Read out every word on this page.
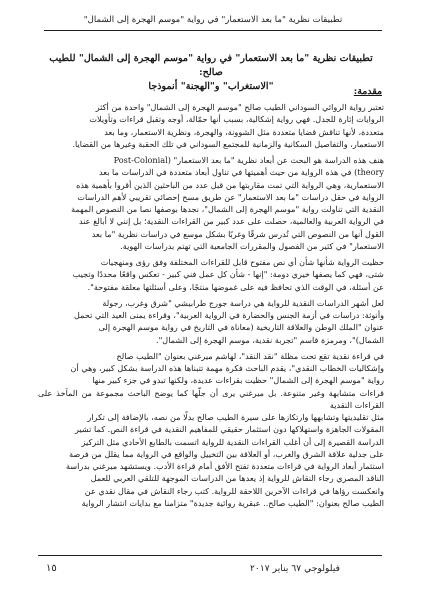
تطبيقات نظرية "ما بعد الاستعمار" في رواية "موسم الهجرة إلى الشمال"
تطبيقات نظرية "ما بعد الاستعمار" في رواية "موسم الهجرة إلى الشمال" للطيب صالح:
"الاستغراب" و"الهجنة" أنموذجا	مقدمة:

تعتبر رواية الروائي السوداني الطيب صالح "موسم الهجرة إلى الشمال" واحدة من أكثر
الروايات إثارة للجدل. فهي رواية إشكالية، بسبب أنها حمّالة، أوجه وتقبل قراءات وتأويلات
متعددة، لأنها تناقش قضايا متعددة مثل الشوونة، والهجرة، ونظرية الاستعمار، وما بعد
الاستعمار، والتفاصيل السكانية والزمانية للمجتمع السوداني في تلك الحقبة وغيرها من القضايا.

هنف هذه الدراسة هو البحث عن أبعاد نظرية "ما بعد الاستعمار" (Post-Colonial
theory) في هذه الرواية من حيث أهميتها في تناول أبعاد متعددة في الدراسات ما بعد
الاستعمارية، وهي الرواية التي تمت مقاربتها من قبل عدد من الباحثين الذين أقروا بأهمية هذه
الرواية في حقل دراسات "ما بعد الاستعمار" عن طريق مسح إحصائي تقريبي لأهم الدراسات
النقدية التي تناولت رواية "موسم الهجرة إلى الشمال"، نجدها بوصفها نصا من النصوص المهمة
في الرواية العربية والعالمية، حصلت على عدد كبير من القراءات النقدية؛ بل إنني لا أبالغ عند
القول أنها من النصوص التي تُدرس شرقًا وغربًا بشكل موسع في دراسات نظرية "ما بعد
الاستعمار" في كثير من الفصول والمقررات الجامعية التي تهتم بدراسات الهوية.

حظيت الرواية شأنها شأن أي نص مفتوح قابل للقراءات المختلفة وفق رؤى ومنهجيات
شتى، فهي كما يصفها خيري دومة: "إنها - شأن كل عمل فني كبير - تعكس واقعًا محددًا وتجيب
عن أسئلة، في الوقت الذي تحافظ فيه على غموضها منتجًا، وعلى أسئلتها معلقة مفتوحة".

لعل أشهر الدراسات النقدية للرواية هي دراسة جورج طرابيشي "شرق وغرب، رجولة
وأنوثة: دراسات في أزمة الجنس والحضارة في الرواية العربية"، وقراءة يمنى العيد التي تحمل
عنوان "الملك الوطن والعلاقة التاريخية (معاناة في التاريخ في رواية موسم الهجرة إلى
الشمال)"، ومرمزة قاسم "تجربة نقدية، موسم الهجرة إلى الشمال".

في قراءة نقدية تقع تحت مظلة "نقد النقد"، لهاشم ميرغني بعنوان "الطيب صالح
وإشكاليات الخطاب النقدي"، يقدم الباحث فكرة مهمة تتبناها هذه الدراسة بشكل كبير، وهي أن
رواية "موسم الهجرة إلى الشمال" حظيت بقراءات عديدة، ولكنها تبدو في جزء كبير منها
قراءات متشابهة وغير متنوعة. بل ميرغني يرى أن جلّها كما يوضح الباحث مجموعة من المآخذ على القراءات النقدية
مثل تقليديتها وتشابهها وارتكازها على سيرة الطيب صالح بدلًا من نصه، بالإضافة إلى تكرار
المقولات الجاهزة واستهلاكها دون استثمار حقيقي للمفاهيم النقدية في قراءة النص. كما تشير
الدراسة القصيرة إلى أن أغلب القراءات النقدية للرواية اتسمت بالطابع الأحادي مثل التركيز
على جدلية علاقة الشرق والغرب، أو العلاقة بين التخييل والواقع في الرواية مما يقلل من فرصة
استثمار أبعاد الرواية في قراءات متعددة تفتح الأفق أمام قراءة الأدب. ويستشهد ميرغني بدراسة
الناقد المصري رجاء النقاش للرواية إذ يعدها من الدراسات الموجهة للتلقي العربي للعمل
وانعكست رؤاها في قراءات الآخرين اللاحقة للرواية. كتب رجاء النقاش في مقال نقدي عن
الطيب صالح بعنوان: "الطيب صالح.. عبقرية روائية جديدة" متزامنا مع بدايات انتشار الرواية

فيلولوجي ٦٧ يناير ٢٠١٧
١٥
